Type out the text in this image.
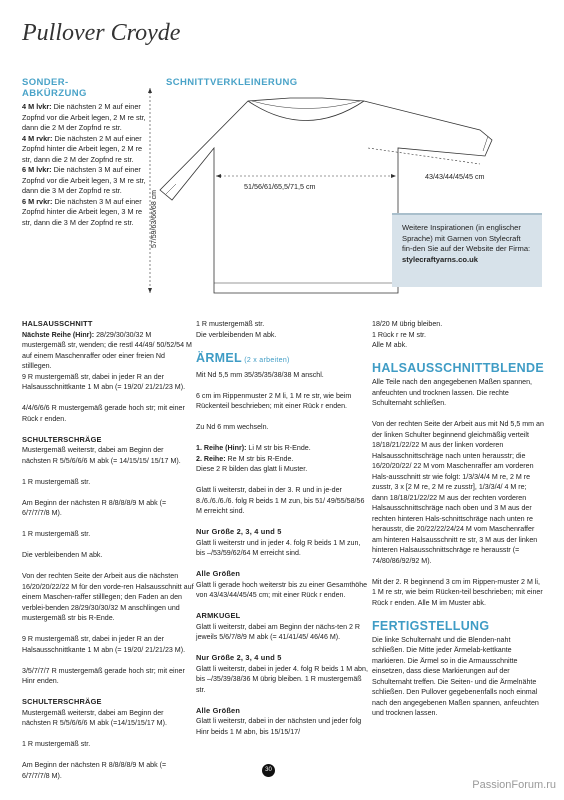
Pullover Croyde
SONDER-
ABKÜRZUNG
4 M lvkr: Die nächsten 2 M auf einer Zopfnd vor die Arbeit legen, 2 M re str, dann die 2 M der Zopfnd re str.
4 M rvkr: Die nächsten 2 M auf einer Zopfnd hinter die Arbeit legen, 2 M re str, dann die 2 M der Zopfnd re str.
6 M lvkr: Die nächsten 3 M auf einer Zopfnd vor die Arbeit legen, 3 M re str, dann die 3 M der Zopfnd re str.
6 M rvkr: Die nächsten 3 M auf einer Zopfnd hinter die Arbeit legen, 3 M re str, dann die 3 M der Zopfnd re str.
SCHNITTVERKLEINERUNG
51/56/61/65,5/71,5 cm
43/43/44/45/45 cm
57/59/63/66/68 cm	Weitere Inspirationen (in englischer Sprache) mit Garnen von Stylecraft fin-den Sie auf der Website der Firma: stylecraftyarns.co.uk

HALSAUSSCHNITT

Nächste Reihe (Hinr): 28/29/30/30/32 M mustergemäß str, wenden; die restl 44/49/ 50/52/54 M auf einem Maschenraffer oder einer freien Nd stilllegen.

9 R mustergemäß str, dabei in jeder R an der Halsausschnittkante 1 M abn (= 19/20/ 21/21/23 M).

4/4/6/6/6 R mustergemäß gerade hoch str; mit einer Rück r enden.

SCHULTERSCHRÄGE

Mustergemäß weiterstr, dabei am Beginn der nächsten R 5/5/6/6/6 M abk (= 14/15/15/ 15/17 M).

1 R mustergemäß str.

Am Beginn der nächsten R 8/8/8/8/9 M abk (= 6/7/7/7/8 M).

1 R mustergemäß str.

Die verbleibenden M abk.

Von der rechten Seite der Arbeit aus die nächsten 16/20/20/22/22 M für den vorde-ren Halsausschnitt auf einem Maschen-raffer stilllegen; den Faden an den verblei-benden 28/29/30/30/32 M anschlingen und mustergemäß str bis R-Ende.

9 R mustergemäß str, dabei in jeder R an der Halsausschnittkante 1 M abn (= 19/20/ 21/21/23 M).

3/5/7/7/7 R mustergemäß gerade hoch str; mit einer Hinr enden.

SCHULTERSCHRÄGE

Mustergemäß weiterstr, dabei am Beginn der nächsten R 5/5/6/6/6 M abk (=14/15/15/17 M).

1 R mustergemäß str.

Am Beginn der nächsten R 8/8/8/8/9 M abk (= 6/7/7/7/8 M).

1 R mustergemäß str.
Die verbleibenden M abk.

ÄRMEL (2 x arbeiten)

Mit Nd 5,5 mm 35/35/35/38/38 M anschl.

6 cm im Rippenmuster 2 M li, 1 M re str, wie beim Rückenteil beschrieben; mit einer Rück r enden.

Zu Nd 6 mm wechseln.

1. Reihe (Hinr): Li M str bis R-Ende.

2. Reihe: Re M str bis R-Ende.

Diese 2 R bilden das glatt li Muster.

Glatt li weiterstr, dabei in der 3. R und in je-der 8./6./6./6./6. folg R beids 1 M zun, bis 51/ 49/55/58/56 M erreicht sind.

Nur Größe 2, 3, 4 und 5

Glatt li weiterstr und in jeder 4. folg R beids 1 M zun, bis –/53/59/62/64 M erreicht sind.

Alle Größen

Glatt li gerade hoch weiterstr bis zu einer Gesamthöhe von 43/43/44/45/45 cm; mit einer Rück r enden.

ARMKUGEL

Glatt li weiterstr, dabei am Beginn der nächs-ten 2 R jeweils 5/6/7/8/9 M abk (= 41/41/45/ 46/46 M).

Nur Größe 2, 3, 4 und 5

Glatt li weiterstr, dabei in jeder 4. folg R beids 1 M abn, bis –/35/39/38/36 M übrig bleiben. 1 R mustergemäß str.

Alle Größen

Glatt li weiterstr, dabei in der nächsten und jeder folg Hinr beids 1 M abn, bis 15/15/17/

18/20 M übrig bleiben.
1 Rück r re M str.
Alle M abk.

HALSAUSSCHNITTBLENDE

Alle Teile nach den angegebenen Maßen spannen, anfeuchten und trocknen lassen. Die rechte Schulternaht schließen.

Von der rechten Seite der Arbeit aus mit Nd 5,5 mm an der linken Schulter beginnend gleichmäßig verteilt 18/18/21/22/22 M aus der linken vorderen Halsausschnittschräge nach unten herausstr; die 16/20/20/22/ 22 M vom Maschenraffer am vorderen Hals-ausschnitt str wie folgt: 1/3/3/4/4 M re, 2 M re zusstr, 3 x [2 M re, 2 M re zusstr], 1/3/3/4/ 4 M re; dann 18/18/21/22/22 M aus der rechten vorderen Halsausschnittschräge nach oben und 3 M aus der rechten hinteren Hals-schnittschräge nach unten re herausstr, die 20/22/22/24/24 M vom Maschenraffer am hinteren Halsausschnitt re str, 3 M aus der linken hinteren Halsausschnittschräge re herausstr (= 74/80/86/92/92 M).

Mit der 2. R beginnend 3 cm im Rippen-muster 2 M li, 1 M re str, wie beim Rücken-teil beschrieben; mit einer Rück r enden. Alle M im Muster abk.

FERTIGSTELLUNG

Die linke Schulternaht und die Blenden-naht schließen. Die Mitte jeder Ärmelab-kettkante markieren. Die Ärmel so in die Armausschnitte einsetzen, dass diese Markierungen auf der Schulternaht treffen. Die Seiten- und die Ärmelnähte schließen. Den Pullover gegebenenfalls noch einmal nach den angegebenen Maßen spannen, anfeuchten und trocknen lassen.

30
PassionForum.ru
